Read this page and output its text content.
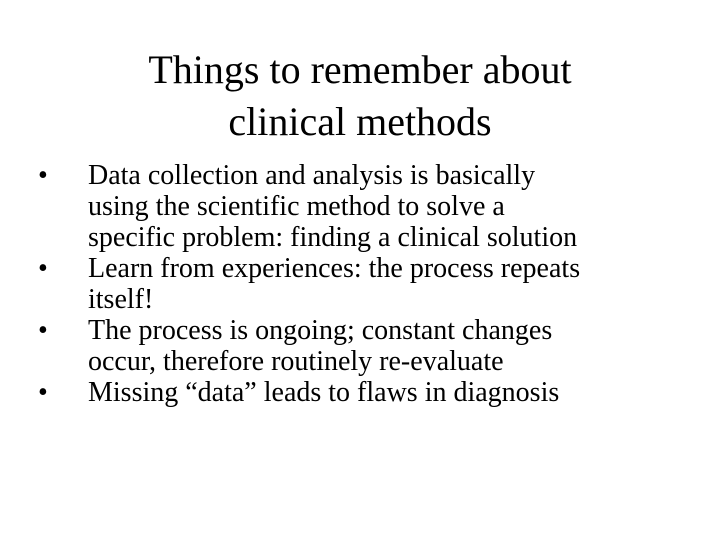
Things to remember about
clinical methods
•	Data collection and analysis is basically
using the scientific method to solve a
specific problem: finding a clinical solution
•	Learn from experiences: the process repeats
itself!
•	The process is ongoing; constant changes
occur, therefore routinely re-evaluate
•	Missing “data” leads to flaws in diagnosis
